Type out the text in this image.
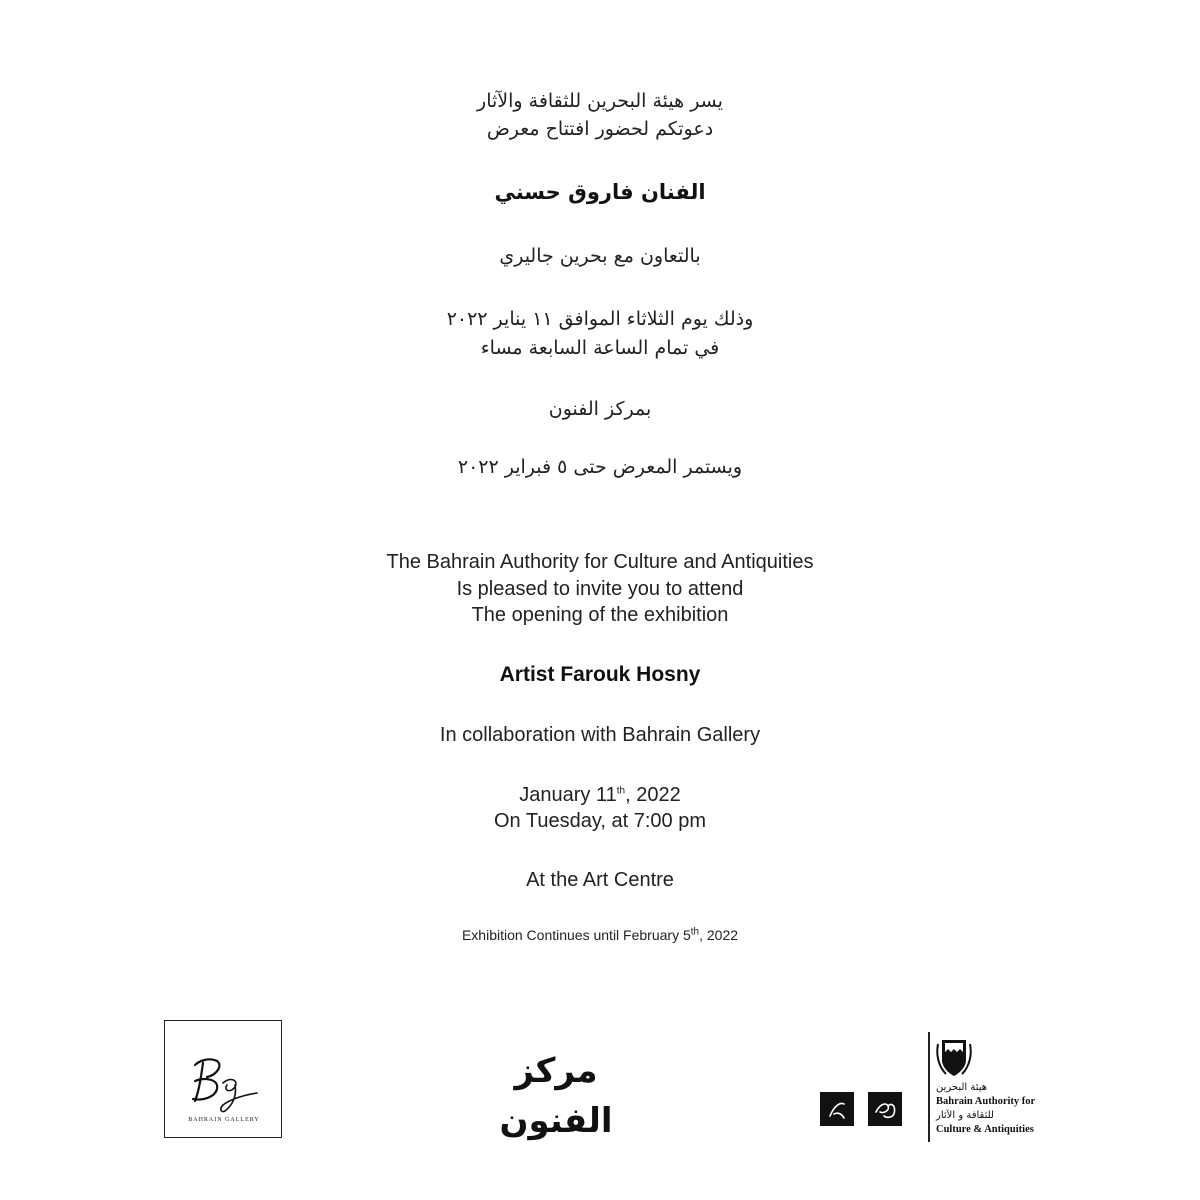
يسر هيئة البحرين للثقافة والآثار
دعوتكم لحضور افتتاح معرض
الفنان فاروق حسني
بالتعاون مع بحرين جاليري
وذلك يوم الثلاثاء الموافق ١١ يناير ٢٠٢٢
في تمام الساعة السابعة مساء
بمركز الفنون
ويستمر المعرض حتى ٥ فبراير ٢٠٢٢
The Bahrain Authority for Culture and Antiquities
Is pleased to invite you to attend
The opening of the exhibition
Artist Farouk Hosny
In collaboration with Bahrain Gallery
January 11th, 2022
On Tuesday, at 7:00 pm
At the Art Centre
Exhibition Continues until February 5th, 2022
BAHRAIN GALLERY
مركز
الفنون
هيئة البحرين
Bahrain Authority for
للثقافة و الآثار
Culture & Antiquities
